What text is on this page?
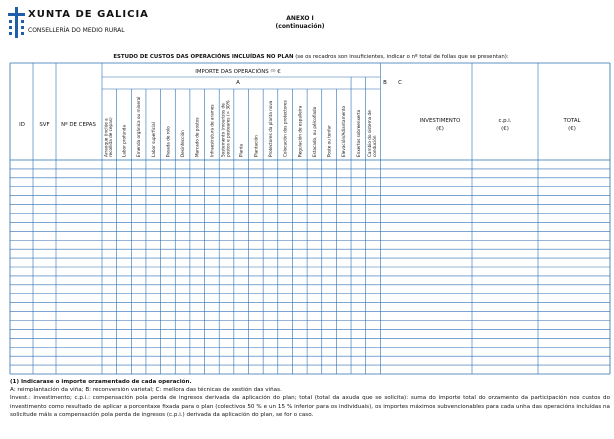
XUNTA DE GALICIA
CONSELLERÍA DO MEDIO RURAL
ANEXO I
(continuación)
ESTUDO DE CUSTOS DAS OPERACIÓNS INCLUÍDAS NO PLAN (se os recadros son insuficientes, indicar o nº total de follas que se presentan):
ID	SVF Nº DE CEPAS
IMPORTE DAS OPERACIÓNS $^{(1)}$ €
A	B C
INVESTIMENTO
(€)
c.p.i.
(€)
TOTAL
(€)
Arranque (inclúe arecollida de cepas) Labor profunda Emenda orgánica ou mineral Labor superficial Pasada de rolo Desinfección Marcado de postos Infraestrutura de arames Sostemento (mourizos depostos e posteares (> 30% Planta Plantación Protectores da planta nova Colocación dos protectores Regulación de espalleira Estacado, ou pé/cofiado Poste ou tenfar Elevación/Adiantamento Enxertos sobreenxerto Cambio do sistema decondución
(1) Indicarase o importe orzamentado de cada operación.
A: reimplantación da viña; B: reconversión varietal; C: mellora das técnicas de xestión das viñas.
Invest.: investimento; c.p.i.: compensación pola perda de ingresos derivada da aplicación do plan; total (total da axuda que se solicita): suma do importe total do orzamento da participación nos custos do investimento como resultado de aplicar a porcentaxe fixada para o plan (colectivos 50 % e un 15 % inferior para os individuais), os importes máximos subvencionables para cada unha das operacións incluídas na solicitude máis a compensación pola perda de ingresos (c.p.i.) derivada da aplicación do plan, se for o caso.
